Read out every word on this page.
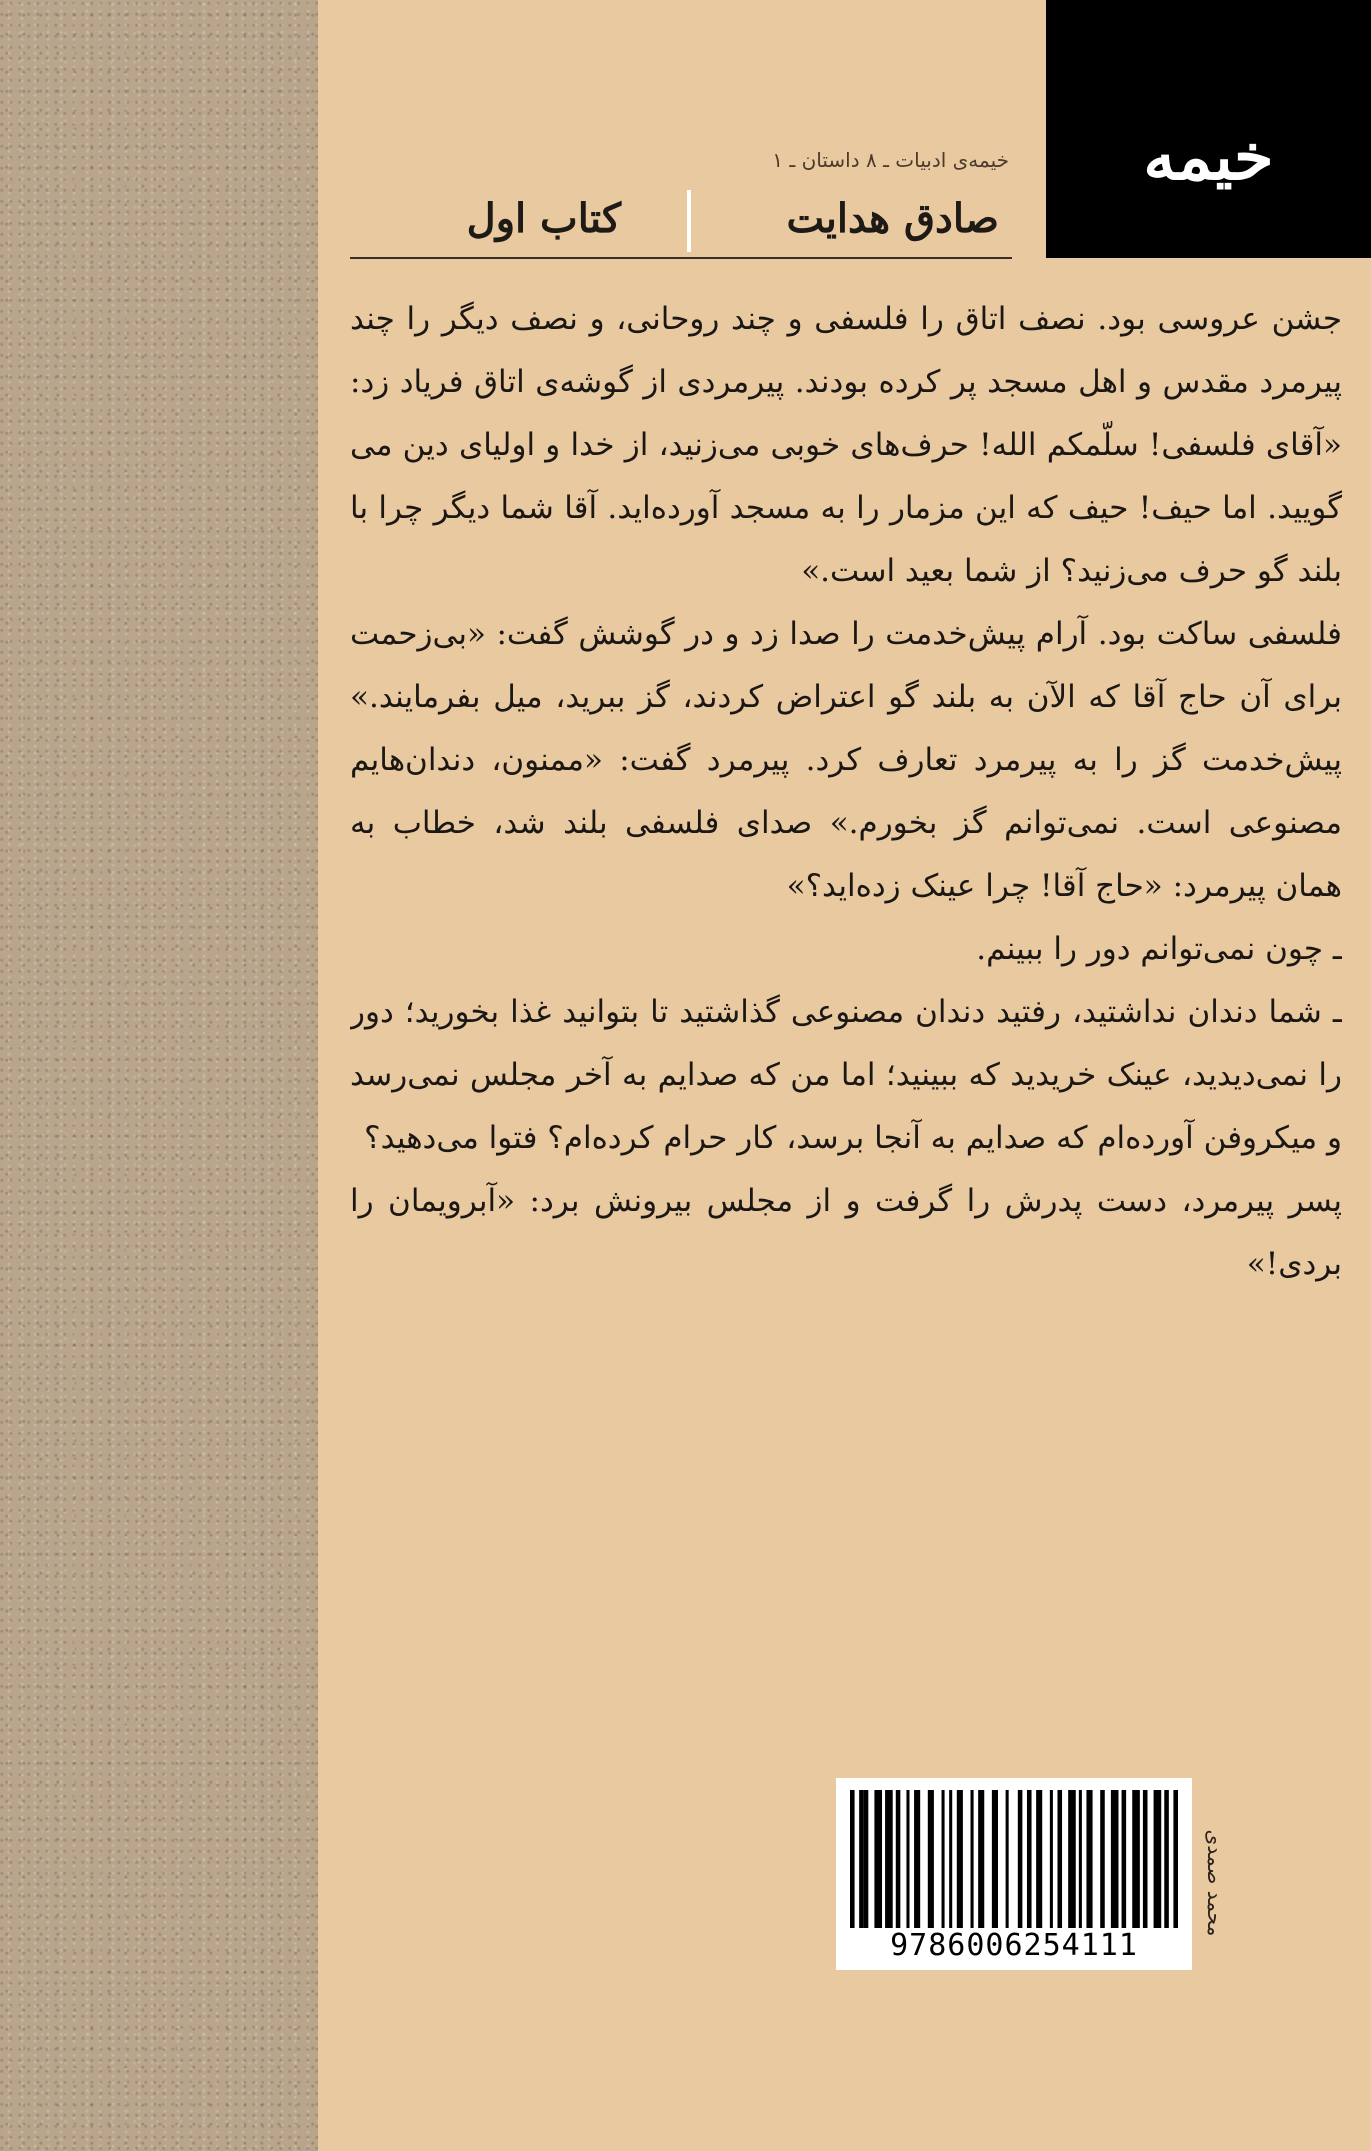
خیمه
خیمه‌ی ادبیات ـ ۸ داستان ـ ۱
صادق هدایت
کتاب اول

جشن عروسی بود. نصف اتاق را فلسفی و چند روحانی، و نصف دیگر را چند پیرمرد مقدس و اهل مسجد پر کرده بودند. پیرمردی از گوشه‌ی اتاق فریاد زد: «آقای فلسفی! سلّمکم الله! حرف‌های خوبی می‌زنید، از خدا و اولیای دین می گویید. اما حیف! حیف که این مزمار را به مسجد آورده‌اید. آقا شما دیگر چرا با بلند گو حرف می‌زنید؟ از شما بعید است.»

فلسفی ساکت بود. آرام پیش‌خدمت را صدا زد و در گوشش گفت: «بی‌زحمت برای آن حاج آقا که الآن به بلند گو اعتراض کردند، گز ببرید، میل بفرمایند.» پیش‌خدمت گز را به پیرمرد تعارف کرد. پیرمرد گفت: «ممنون، دندان‌هایم مصنوعی است. نمی‌توانم گز بخورم.» صدای فلسفی بلند شد، خطاب به همان پیرمرد: «حاج آقا! چرا عینک زده‌اید؟»

ـ چون نمی‌توانم دور را ببینم.

ـ شما دندان نداشتید، رفتید دندان مصنوعی گذاشتید تا بتوانید غذا بخورید؛ دور را نمی‌دیدید، عینک خریدید که ببینید؛ اما من که صدایم به آخر مجلس نمی‌رسد و میکروفن آورده‌ام که صدایم به آنجا برسد، کار حرام کرده‌ام؟ فتوا می‌دهید؟

پسر پیرمرد، دست پدرش را گرفت و از مجلس بیرونش برد: «آبرویمان را بردی!»

9786006254111
محمد صمدی
